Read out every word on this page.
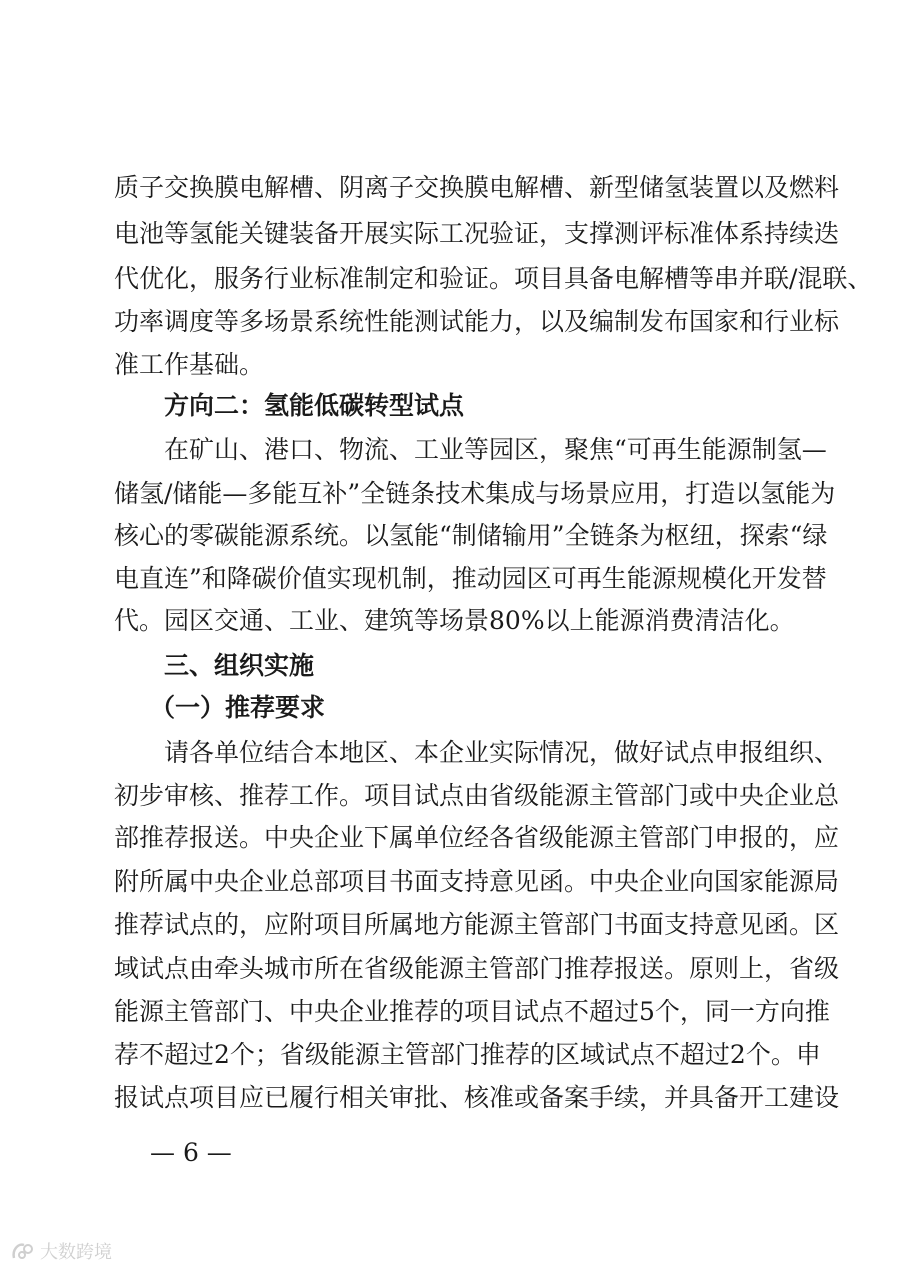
质子交换膜电解槽、阴离子交换膜电解槽、新型储氢装置以及燃料
电池等氢能关键装备开展实际工况验证，支撑测评标准体系持续迭
代优化，服务行业标准制定和验证。项目具备电解槽等串并联/混联、
功率调度等多场景系统性能测试能力，以及编制发布国家和行业标
准工作基础。
方向二：氢能低碳转型试点
在矿山、港口、物流、工业等园区，聚焦“可再生能源制氢—
储氢/储能—多能互补”全链条技术集成与场景应用，打造以氢能为
核心的零碳能源系统。以氢能“制储输用”全链条为枢纽，探索“绿
电直连”和降碳价值实现机制，推动园区可再生能源规模化开发替
代。园区交通、工业、建筑等场景80%以上能源消费清洁化。
三、组织实施
（一）推荐要求
请各单位结合本地区、本企业实际情况，做好试点申报组织、
初步审核、推荐工作。项目试点由省级能源主管部门或中央企业总
部推荐报送。中央企业下属单位经各省级能源主管部门申报的，应
附所属中央企业总部项目书面支持意见函。中央企业向国家能源局
推荐试点的，应附项目所属地方能源主管部门书面支持意见函。区
域试点由牵头城市所在省级能源主管部门推荐报送。原则上，省级
能源主管部门、中央企业推荐的项目试点不超过5个，同一方向推
荐不超过2个；省级能源主管部门推荐的区域试点不超过2个。申
报试点项目应已履行相关审批、核准或备案手续，并具备开工建设
— 6 —
大数跨境
